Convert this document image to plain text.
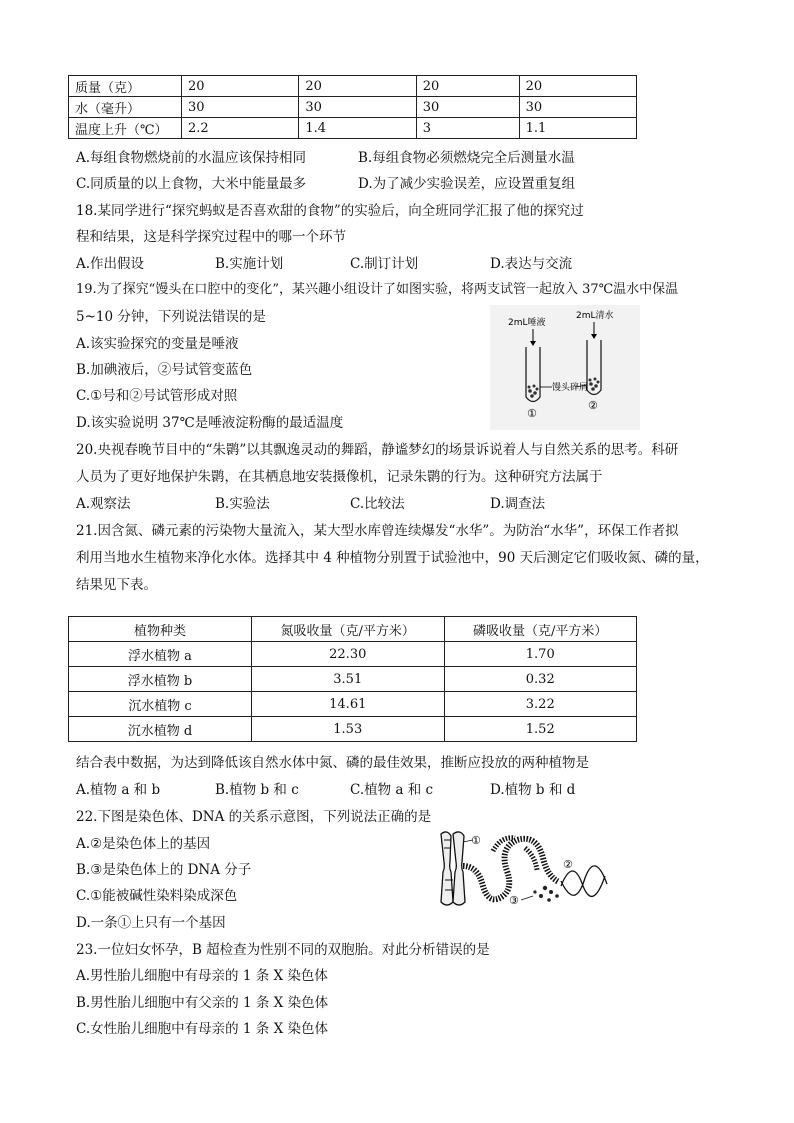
质量（克）	20	20	20	20
水（毫升）	30	30	30	30
温度上升（℃）	2.2	1.4	3	1.1
A.每组食物燃烧前的水温应该保持相同	B.每组食物必须燃烧完全后测量水温
C.同质量的以上食物，大米中能量最多	D.为了减少实验误差，应设置重复组
18.某同学进行“探究蚂蚁是否喜欢甜的食物”的实验后，向全班同学汇报了他的探究过
程和结果，这是科学探究过程中的哪一个环节
A.作出假设	B.实施计划	C.制订计划	D.表达与交流
19.为了探究“馒头在口腔中的变化”，某兴趣小组设计了如图实验，将两支试管一起放入 37℃温水中保温
5~10 分钟，下列说法错误的是
A.该实验探究的变量是唾液
B.加碘液后，②号试管变蓝色
C.①号和②号试管形成对照
D.该实验说明 37℃是唾液淀粉酶的最适温度
2mL唾液
2mL清水
馒头碎屑
①
②
20.央视春晚节目中的“朱鹮”以其飘逸灵动的舞蹈，静谧梦幻的场景诉说着人与自然关系的思考。科研
人员为了更好地保护朱鹮，在其栖息地安装摄像机，记录朱鹮的行为。这种研究方法属于
A.观察法	B.实验法	C.比较法	D.调查法
21.因含氮、磷元素的污染物大量流入，某大型水库曾连续爆发“水华”。为防治“水华”，环保工作者拟
利用当地水生植物来净化水体。选择其中 4 种植物分别置于试验池中，90 天后测定它们吸收氮、磷的量，
结果见下表。
植物种类	氮吸收量（克/平方米）	磷吸收量（克/平方米）
浮水植物 a	22.30	1.70
浮水植物 b	3.51	0.32
沉水植物 c	14.61	3.22
沉水植物 d	1.53	1.52
结合表中数据，为达到降低该自然水体中氮、磷的最佳效果，推断应投放的两种植物是
A.植物 a 和 b	B.植物 b 和 c	C.植物 a 和 c	D.植物 b 和 d
22.下图是染色体、DNA 的关系示意图，下列说法正确的是
A.②是染色体上的基因
B.③是染色体上的 DNA 分子
C.①能被碱性染料染成深色
D.一条①上只有一个基因
①
③
②
23.一位妇女怀孕，B 超检查为性别不同的双胞胎。对此分析错误的是
A.男性胎儿细胞中有母亲的 1 条 X 染色体
B.男性胎儿细胞中有父亲的 1 条 X 染色体
C.女性胎儿细胞中有母亲的 1 条 X 染色体
